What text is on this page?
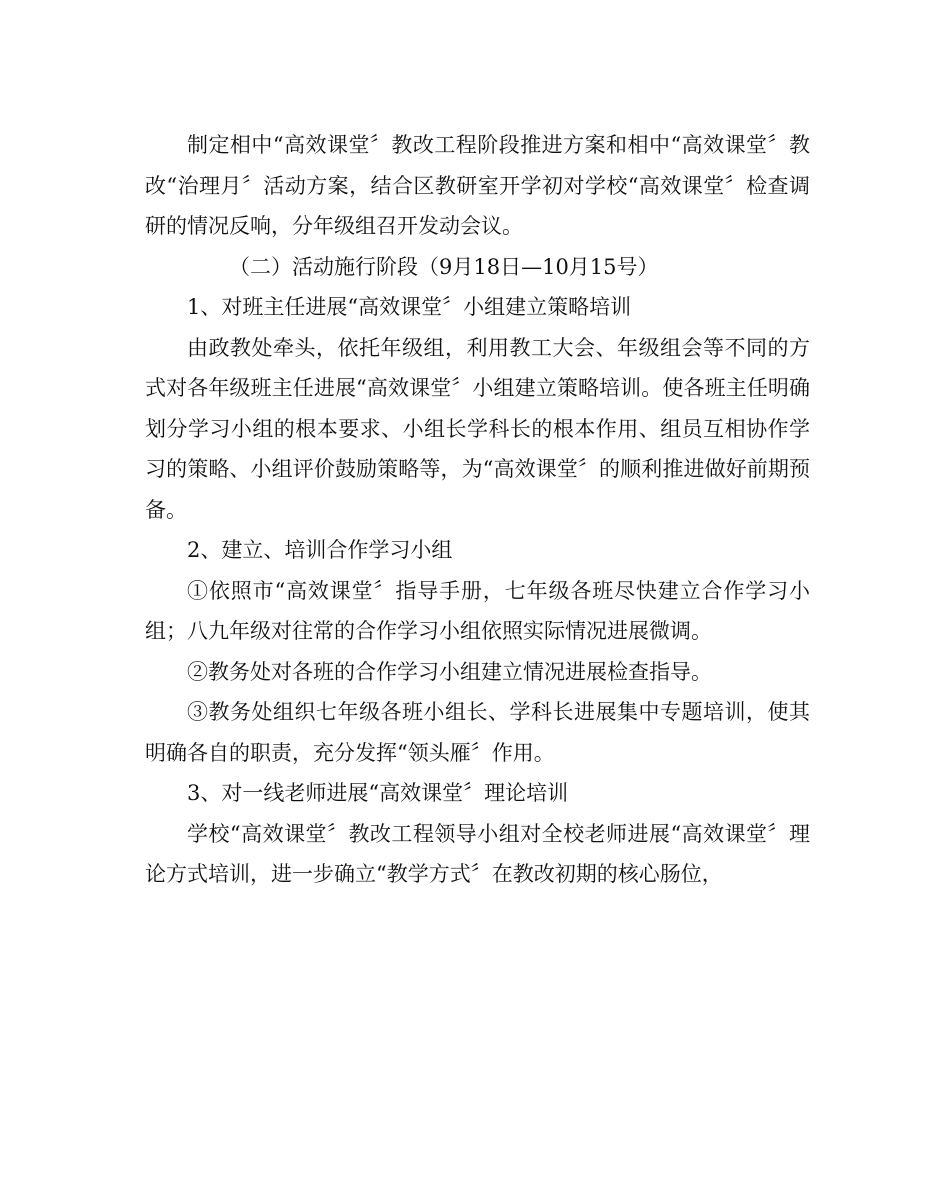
制定相中“高效课堂〞教改工程阶段推进方案和相中“高效课堂〞教改“治理月〞活动方案，结合区教研室开学初对学校“高效课堂〞检查调研的情况反响，分年级组召开发动会议。

（二）活动施行阶段（9月18日—10月15号）

1、对班主任进展“高效课堂〞小组建立策略培训

由政教处牵头，依托年级组，利用教工大会、年级组会等不同的方式对各年级班主任进展“高效课堂〞小组建立策略培训。使各班主任明确划分学习小组的根本要求、小组长学科长的根本作用、组员互相协作学习的策略、小组评价鼓励策略等，为“高效课堂〞的顺利推进做好前期预备。

2、建立、培训合作学习小组

①依照市“高效课堂〞指导手册，七年级各班尽快建立合作学习小组；八九年级对往常的合作学习小组依照实际情况进展微调。

②教务处对各班的合作学习小组建立情况进展检查指导。

③教务处组织七年级各班小组长、学科长进展集中专题培训，使其明确各自的职责，充分发挥“领头雁〞作用。

3、对一线老师进展“高效课堂〞理论培训

学校“高效课堂〞教改工程领导小组对全校老师进展“高效课堂〞理论方式培训，进一步确立“教学方式〞在教改初期的核心肠位，
